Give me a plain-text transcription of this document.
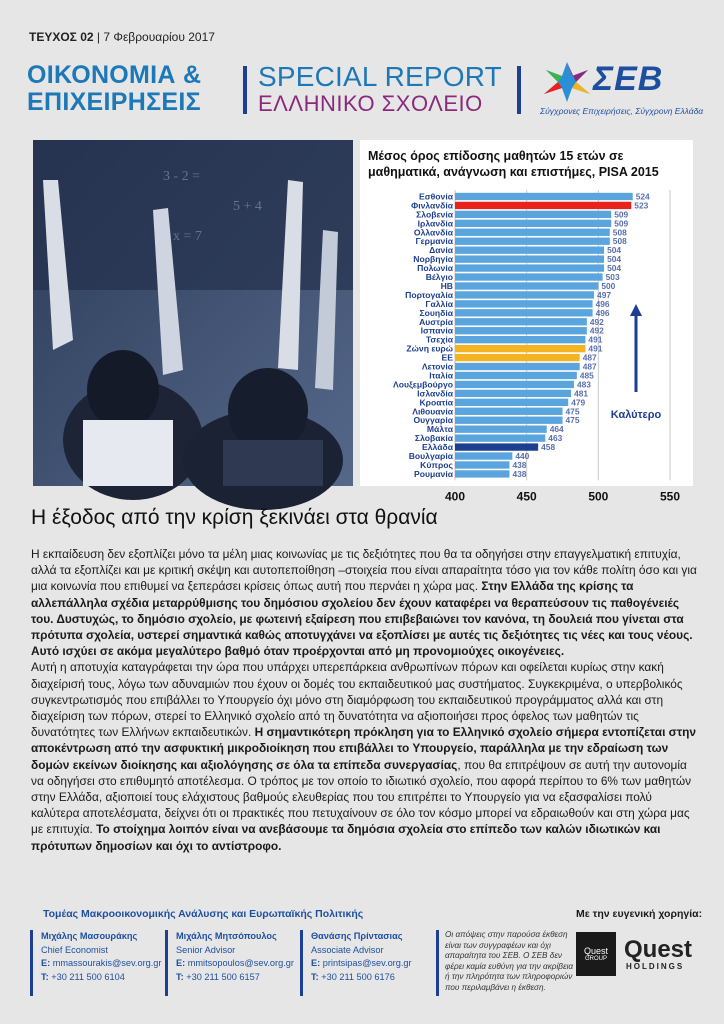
ΤΕΥΧΟΣ 02 | 7 Φεβρουαρίου 2017
ΟΙΚΟΝΟΜΙΑ &
ΕΠΙΧΕΙΡΗΣΕΙΣ
SPECIAL REPORT
ΕΛΛΗΝΙΚΟ ΣΧΟΛΕΙΟ
ΣΕΒ
Σύγχρονες Επιχειρήσεις, Σύγχρονη Ελλάδα
3 - 2 =
5 + 4
x = 7
Μέσος όρος επίδοσης μαθητών 15 ετών σε μαθηματικά, ανάγνωση και επιστήμες, PISA 2015
Εσθονία	524
Φινλανδία	523
Σλοβενία	509
Ιρλανδία	509
Ολλανδία	508
Γερμανία	508
Δανία	504
Νορβηγία	504
Πολωνία	504
Βέλγιο	503
ΗΒ	500
Πορτογαλία	497
Γαλλία	496
Σουηδία	496
Αυστρία	492
Ισπανία	492
Τσεχία	491
Ζώνη ευρώ	491
ΕΕ	487
Λετονία	487
Ιταλία	485
Λουξεμβούργο	483
Ισλανδία	481
Κροατία	479
Λιθουανία	475
Ουγγαρία	475
Μάλτα	464
Σλοβακία	463
Ελλάδα	458
Βουλγαρία	440
Κύπρος	438
Ρουμανία	438
400	450	500	550
Καλύτερο
Η έξοδος από την κρίση ξεκινάει στα θρανία

Η εκπαίδευση δεν εξοπλίζει μόνο τα μέλη μιας κοινωνίας με τις δεξιότητες που θα τα οδηγήσει στην επαγγελματική επιτυχία, αλλά τα εξοπλίζει και με κριτική σκέψη και αυτοπεποίθηση –στοιχεία που είναι απαραίτητα τόσο για τον κάθε πολίτη όσο και για μια κοινωνία που επιθυμεί να ξεπεράσει κρίσεις όπως αυτή που περνάει η χώρα μας. Στην Ελλάδα της κρίσης τα αλλεπάλληλα σχέδια μεταρρύθμισης του δημόσιου σχολείου δεν έχουν καταφέρει να θεραπεύσουν τις παθογένειές του. Δυστυχώς, το δημόσιο σχολείο, με φωτεινή εξαίρεση που επιβεβαιώνει τον κανόνα, τη δουλειά που γίνεται στα πρότυπα σχολεία, υστερεί σημαντικά καθώς αποτυγχάνει να εξοπλίσει με αυτές τις δεξιότητες τις νέες και τους νέους. Αυτό ισχύει σε ακόμα μεγαλύτερο βαθμό όταν προέρχονται από μη προνομιούχες οικογένειες.

Αυτή η αποτυχία καταγράφεται την ώρα που υπάρχει υπερεπάρκεια ανθρωπίνων πόρων και οφείλεται κυρίως στην κακή διαχείρισή τους, λόγω των αδυναμιών που έχουν οι δομές του εκπαιδευτικού μας συστήματος. Συγκεκριμένα, ο υπερβολικός συγκεντρωτισμός που επιβάλλει το Υπουργείο όχι μόνο στη διαμόρφωση του εκπαιδευτικού προγράμματος αλλά και στη διαχείριση των πόρων, στερεί το Ελληνικό σχολείο από τη δυνατότητα να αξιοποιήσει προς όφελος των μαθητών τις δυνατότητες των Ελλήνων εκπαιδευτικών. Η σημαντικότερη πρόκληση για το Ελληνικό σχολείο σήμερα εντοπίζεται στην αποκέντρωση από την ασφυκτική μικροδιοίκηση που επιβάλλει το Υπουργείο, παράλληλα με την εδραίωση των δομών εκείνων διοίκησης και αξιολόγησης σε όλα τα επίπεδα συνεργασίας, που θα επιτρέψουν σε αυτή την αυτονομία να οδηγήσει στο επιθυμητό αποτέλεσμα. Ο τρόπος με τον οποίο το ιδιωτικό σχολείο, που αφορά περίπου το 6% των μαθητών στην Ελλάδα, αξιοποιεί τους ελάχιστους βαθμούς ελευθερίας που του επιτρέπει το Υπουργείο για να εξασφαλίσει πολύ καλύτερα αποτελέσματα, δείχνει ότι οι πρακτικές που πετυχαίνουν σε όλο τον κόσμο μπορεί να εδραιωθούν και στη χώρα μας με επιτυχία. Το στοίχημα λοιπόν είναι να ανεβάσουμε τα δημόσια σχολεία στο επίπεδο των καλών ιδιωτικών και πρότυπων δημοσίων και όχι το αντίστροφο.

Τομέας Μακροοικονομικής Ανάλυσης και Ευρωπαϊκής Πολιτικής	Με την ευγενική χορηγία:
Μιχάλης Μασουράκης
Chief Economist
E: mmassourakis@sev.org.gr
T: +30 211 500 6104
Μιχάλης Μητσόπουλος
Senior Advisor
E: mmitsopoulos@sev.org.gr
T: +30 211 500 6157
Θανάσης Πρίντασιας
Associate Advisor
E: printsipas@sev.org.gr
T: +30 211 500 6176
Οι απόψεις στην παρούσα έκθεση είναι των συγγραφέων και όχι απαραίτητα του ΣΕΒ. Ο ΣΕΒ δεν φέρει καμία ευθύνη για την ακρίβεια ή την πληρότητα των πληροφοριών που περιλαμβάνει η έκθεση.
Quest
GROUP Quest
HOLDINGS
